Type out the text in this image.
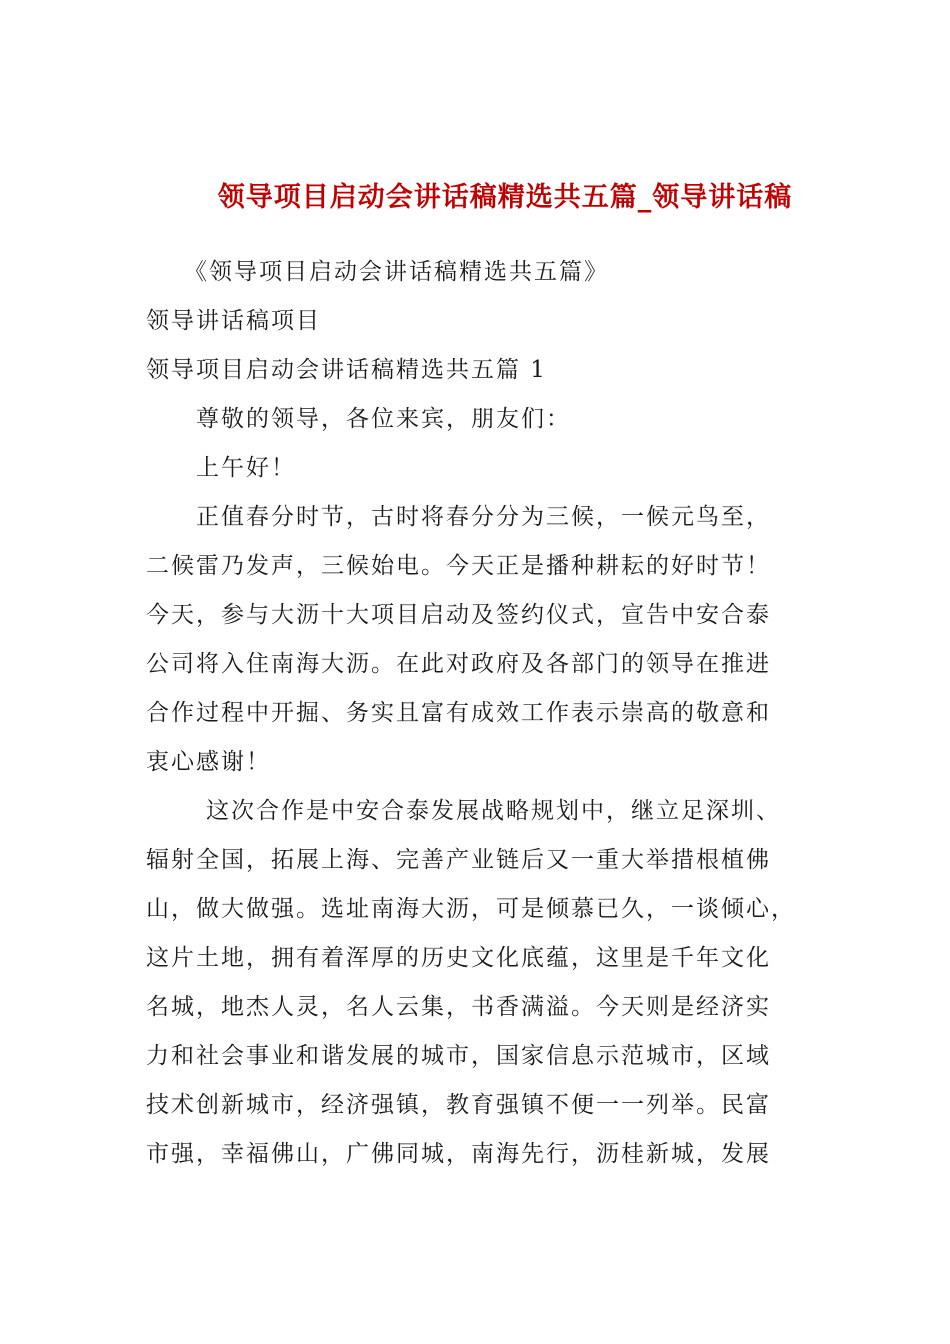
领导项目启动会讲话稿精选共五篇_领导讲话稿
《领导项目启动会讲话稿精选共五篇》
领导讲话稿项目
领导项目启动会讲话稿精选共五篇 1
尊敬的领导，各位来宾，朋友们：
上午好！
正值春分时节，古时将春分分为三候，一候元鸟至，
二候雷乃发声，三候始电。今天正是播种耕耘的好时节！
今天，参与大沥十大项目启动及签约仪式，宣告中安合泰
公司将入住南海大沥。在此对政府及各部门的领导在推进
合作过程中开掘、务实且富有成效工作表示崇高的敬意和
衷心感谢！
这次合作是中安合泰发展战略规划中，继立足深圳、
辐射全国，拓展上海、完善产业链后又一重大举措根植佛
山，做大做强。选址南海大沥，可是倾慕已久，一谈倾心，
这片土地，拥有着浑厚的历史文化底蕴，这里是千年文化
名城，地杰人灵，名人云集，书香满溢。今天则是经济实
力和社会事业和谐发展的城市，国家信息示范城市，区域
技术创新城市，经济强镇，教育强镇不便一一列举。民富
市强，幸福佛山，广佛同城，南海先行，沥桂新城，发展
